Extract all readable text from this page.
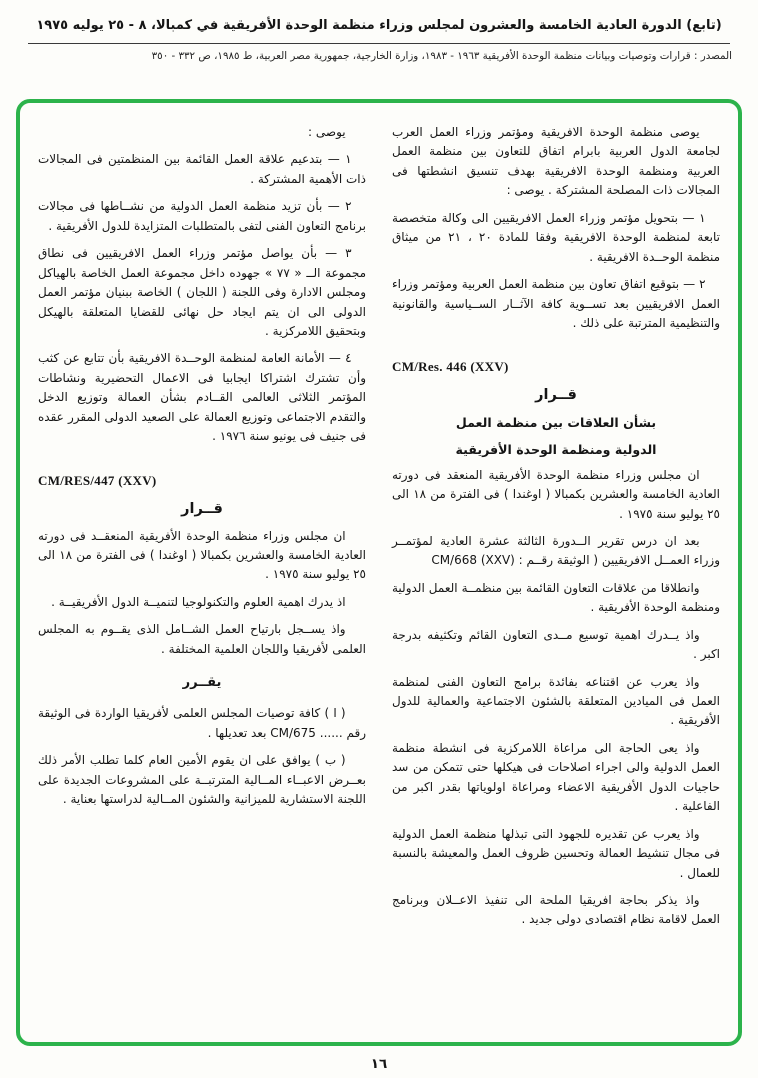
(تابع) الدورة العادية الخامسة والعشرون لمجلس وزراء منظمة الوحدة الأفريقية في كمبالا، ٨ - ٢٥ يوليه ١٩٧٥
المصدر : قرارات وتوصيات وبيانات منظمة الوحدة الأفريقية ١٩٦٣ - ١٩٨٣، وزارة الخارجية، جمهورية مصر العربية، ط ١٩٨٥، ص ٣٣٢ - ٣٥٠

يوصى منظمة الوحدة الافريقية ومؤتمر وزراء العمل العرب لجامعة الدول العربية بابرام اتفاق للتعاون بين منظمة العمل العربية ومنظمة الوحدة الافريقية بهدف تنسيق انشطتها فى المجالات ذات المصلحة المشتركة . يوصى :

١ — بتحويل مؤتمر وزراء العمل الافريقيين الى وكالة متخصصة تابعة لمنظمة الوحدة الافريقية وفقا للمادة ٢٠ ، ٢١ من ميثاق منظمة الوحــدة الافريقية .

٢ — بتوقيع اتفاق تعاون بين منظمة العمل العربية ومؤتمر وزراء العمل الافريقيين بعد تســوية كافة الآثــار الســياسية والقانونية والتنظيمية المترتبة على ذلك .

CM/Res. 446 (XXV)

قــرار

بشأن العلاقات بين منظمة العمل

الدولية ومنظمة الوحدة الأفريقية

ان مجلس وزراء منظمة الوحدة الأفريقية المنعقد فى دورته العادية الخامسة والعشرين بكمبالا ( اوغندا ) فى الفترة من ١٨ الى ٢٥ يوليو سنة ١٩٧٥ .

بعد ان درس تقرير الــدورة الثالثة عشرة العادية لمؤتمــر وزراء العمــل الافريقيين ( الوثيقة رقــم : CM/668 (XXV)

وانطلاقا من علاقات التعاون القائمة بين منظمــة العمل الدولية ومنظمة الوحدة الأفريقية .

واذ يــدرك اهمية توسيع مــدى التعاون القائم وتكثيفه بدرجة اكبر .

واذ يعرب عن اقتناعه بفائدة برامج التعاون الفنى لمنظمة العمل فى الميادين المتعلقة بالشئون الاجتماعية والعمالية للدول الأفريقية .

واذ يعى الحاجة الى مراعاة اللامركزية فى انشطة منظمة العمل الدولية والى اجراء اصلاحات فى هيكلها حتى تتمكن من سد حاجيات الدول الأفريقية الاعضاء ومراعاة اولوياتها بقدر اكبر من الفاعلية .

واذ يعرب عن تقديره للجهود التى تبذلها منظمة العمل الدولية فى مجال تنشيط العمالة وتحسين ظروف العمل والمعيشة بالنسبة للعمال .

واذ يذكر بحاجة افريقيا الملحة الى تنفيذ الاعــلان وبرنامج العمل لاقامة نظام اقتصادى دولى جديد .

يوصى :

١ — بتدعيم علاقة العمل القائمة بين المنظمتين فى المجالات ذات الأهمية المشتركة .

٢ — بأن تزيد منظمة العمل الدولية من نشــاطها فى مجالات برنامج التعاون الفنى لتفى بالمتطلبات المتزايدة للدول الأفريقية .

٣ — بأن يواصل مؤتمر وزراء العمل الافريقيين فى نطاق مجموعة الــ « ٧٧ » جهوده داخل مجموعة العمل الخاصة بالهياكل ومجلس الادارة وفى اللجنة ( اللجان ) الخاصة ببنيان مؤتمر العمل الدولى الى ان يتم ايجاد حل نهائى للقضايا المتعلقة بالهيكل وبتحقيق اللامركزية .

٤ — الأمانة العامة لمنظمة الوحــدة الافريقية بأن تتابع عن كثب وأن تشترك اشتراكا ايجابيا فى الاعمال التحضيرية ونشاطات المؤتمر الثلاثى العالمى القــادم بشأن العمالة وتوزيع الدخل والتقدم الاجتماعى وتوزيع العمالة على الصعيد الدولى المقرر عقده فى جنيف فى يونيو سنة ١٩٧٦ .

CM/RES/447 (XXV)

قــرار

ان مجلس وزراء منظمة الوحدة الأفريقية المنعقــد فى دورته العادية الخامسة والعشرين بكمبالا ( اوغندا ) فى الفترة من ١٨ الى ٢٥ يوليو سنة ١٩٧٥ .

اذ يدرك اهمية العلوم والتكنولوجيا لتنميــة الدول الأفريقيــة .

واذ يســجل بارتياح العمل الشــامل الذى يقــوم به المجلس العلمى لأفريقيا واللجان العلمية المختلفة .

يقــرر

( ا ) كافة توصيات المجلس العلمى لأفريقيا الواردة فى الوثيقة رقم ...... CM/675 بعد تعديلها .

( ب ) يوافق على ان يقوم الأمين العام كلما تطلب الأمر ذلك بعــرض الاعبــاء المــالية المترتبــة على المشروعات الجديدة على اللجنة الاستشارية للميزانية والشئون المــالية لدراستها بعناية .

١٦
